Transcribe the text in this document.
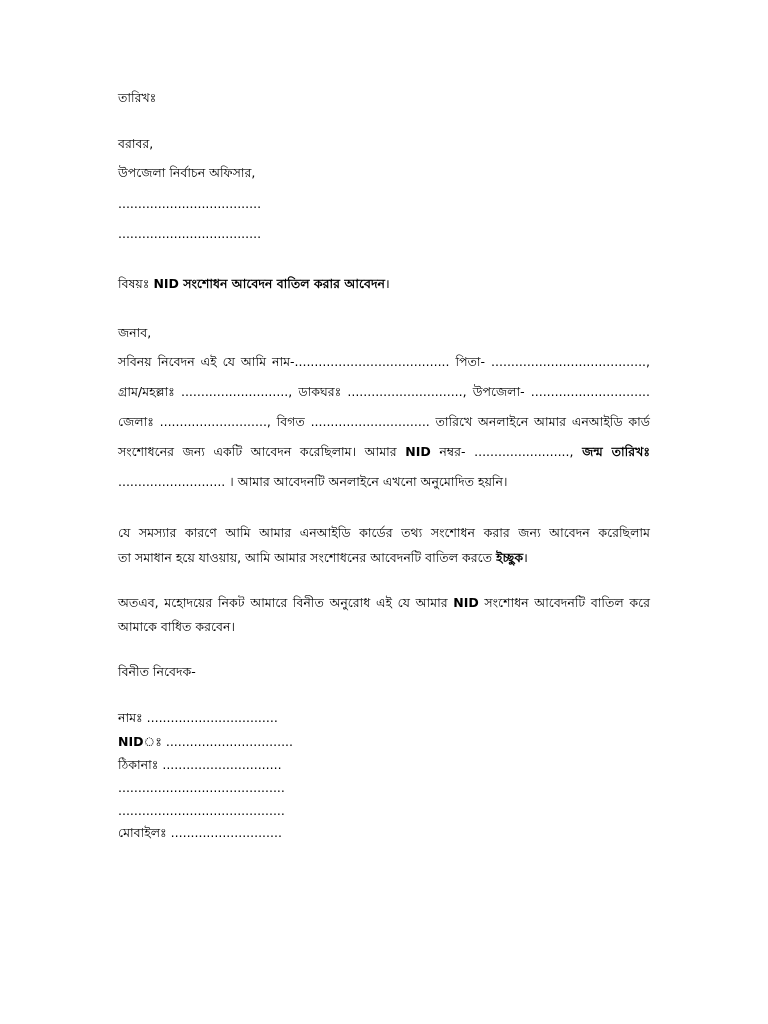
তারিখঃ
বরাবর,
উপজেলা নির্বাচন অফিসার,
....................................
....................................
বিষয়ঃ NID সংশোধন আবেদন বাতিল করার আবেদন।
জনাব,
সবিনয় নিবেদন এই যে আমি নাম-....................................... পিতা- .......................................,
গ্রাম/মহল্লাঃ ..........................., ডাকঘরঃ ............................., উপজেলা- ..............................
জেলাঃ ..........................., বিগত .............................. তারিখে অনলাইনে আমার এনআইডি কার্ড
সংশোধনের জন্য একটি আবেদন করেছিলাম। আমার NID নম্বর- ........................, জন্ম তারিখঃ
........................... । আমার আবেদনটি অনলাইনে এখনো অনুমোদিত হয়নি।
যে সমস্যার কারণে আমি আমার এনআইডি কার্ডের তথ্য সংশোধন করার জন্য আবেদন করেছিলাম
তা সমাধান হয়ে যাওয়ায়, আমি আমার সংশোধনের আবেদনটি বাতিল করতে ইচ্ছুক।
অতএব, মহোদয়ের নিকট আমারে বিনীত অনুরোধ এই যে আমার NID সংশোধন আবেদনটি বাতিল করে
আমাকে বাধিত করবেন।
বিনীত নিবেদক-
নামঃ .................................
NIDঃ ................................
ঠিকানাঃ ..............................
..........................................
..........................................
মোবাইলঃ ............................
